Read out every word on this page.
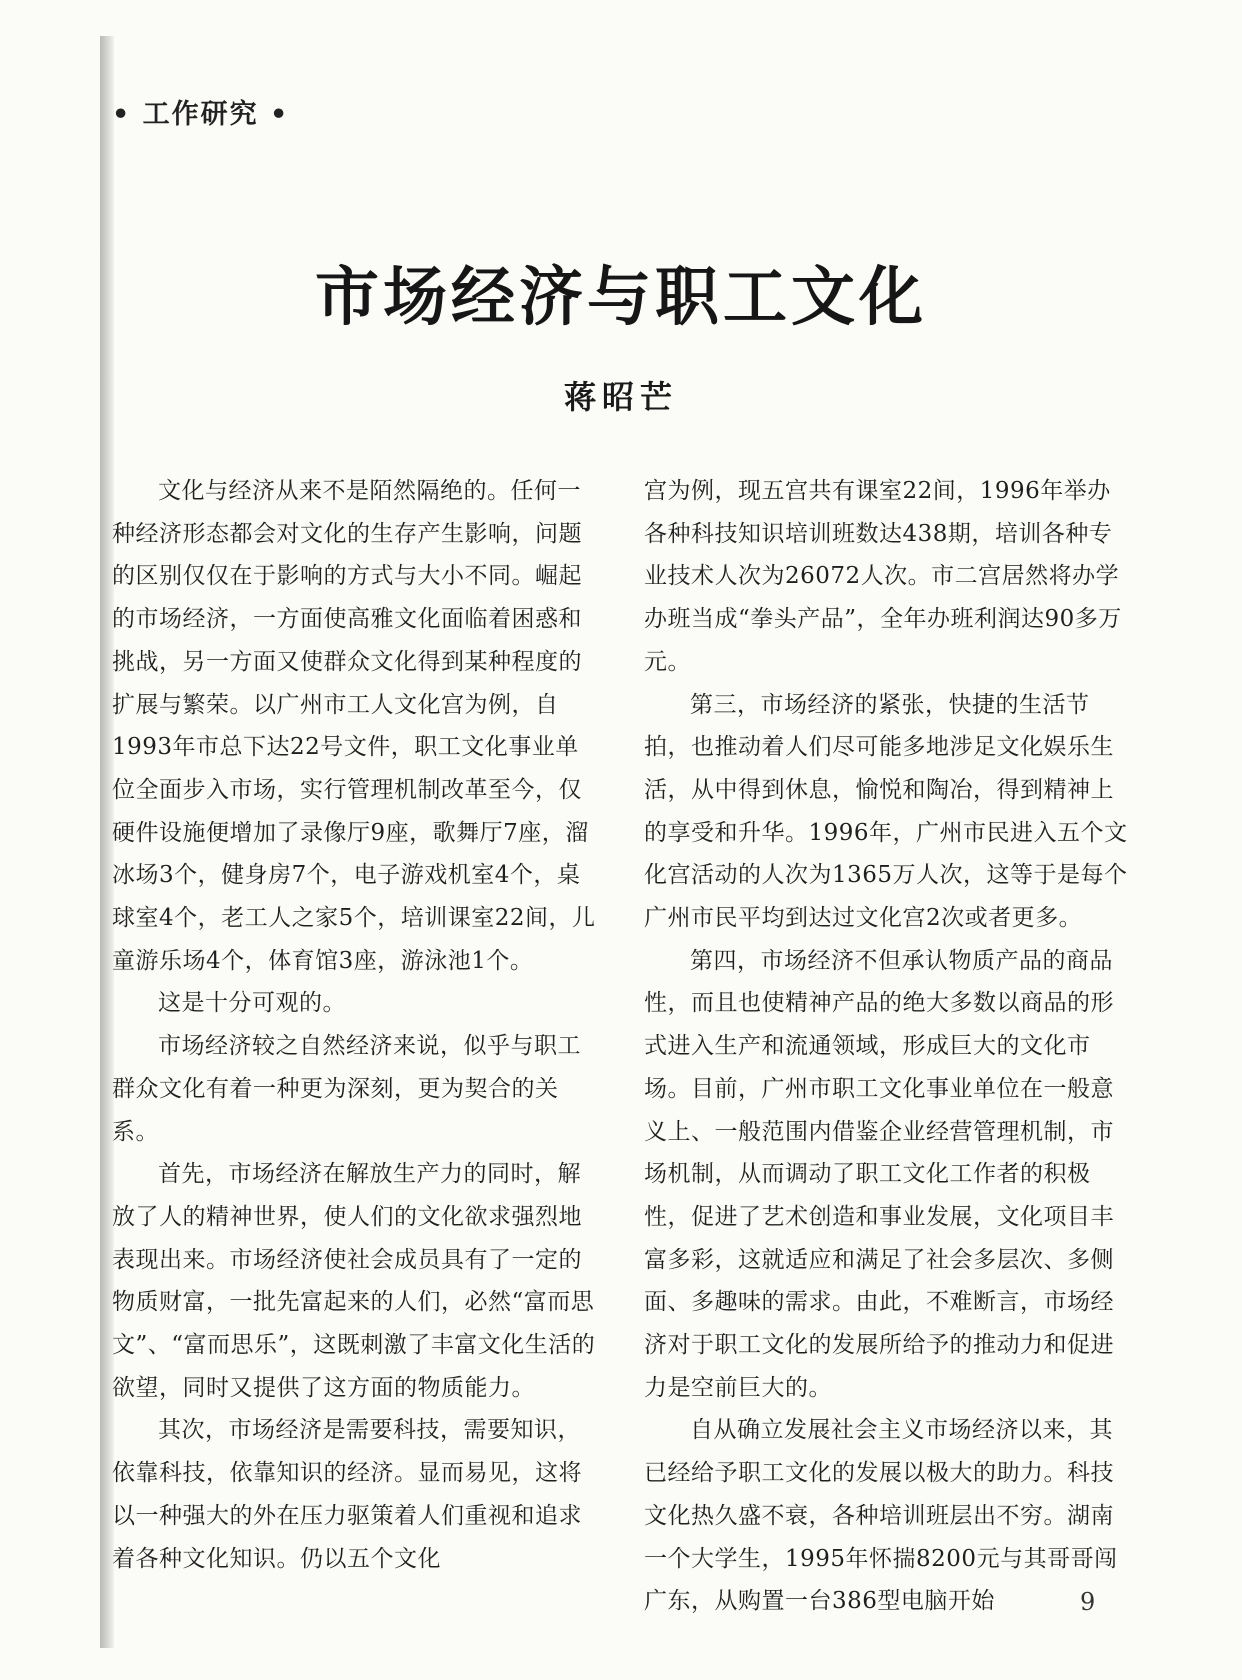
• 工作研究 •
市场经济与职工文化
蒋昭芒

文化与经济从来不是陌然隔绝的。任何一种经济形态都会对文化的生存产生影响，问题的区别仅仅在于影响的方式与大小不同。崛起的市场经济，一方面使高雅文化面临着困惑和挑战，另一方面又使群众文化得到某种程度的扩展与繁荣。以广州市工人文化宫为例，自1993年市总下达22号文件，职工文化事业单位全面步入市场，实行管理机制改革至今，仅硬件设施便增加了录像厅9座，歌舞厅7座，溜冰场3个，健身房7个，电子游戏机室4个，桌球室4个，老工人之家5个，培训课室22间，儿童游乐场4个，体育馆3座，游泳池1个。

这是十分可观的。

市场经济较之自然经济来说，似乎与职工群众文化有着一种更为深刻，更为契合的关系。

首先，市场经济在解放生产力的同时，解放了人的精神世界，使人们的文化欲求强烈地表现出来。市场经济使社会成员具有了一定的物质财富，一批先富起来的人们，必然“富而思文”、“富而思乐”，这既刺激了丰富文化生活的欲望，同时又提供了这方面的物质能力。

其次，市场经济是需要科技，需要知识，依靠科技，依靠知识的经济。显而易见，这将以一种强大的外在压力驱策着人们重视和追求着各种文化知识。仍以五个文化

宫为例，现五宫共有课室22间，1996年举办各种科技知识培训班数达438期，培训各种专业技术人次为26072人次。市二宫居然将办学办班当成“拳头产品”，全年办班利润达90多万元。

第三，市场经济的紧张，快捷的生活节拍，也推动着人们尽可能多地涉足文化娱乐生活，从中得到休息，愉悦和陶冶，得到精神上的享受和升华。1996年，广州市民进入五个文化宫活动的人次为1365万人次，这等于是每个广州市民平均到达过文化宫2次或者更多。

第四，市场经济不但承认物质产品的商品性，而且也使精神产品的绝大多数以商品的形式进入生产和流通领域，形成巨大的文化市场。目前，广州市职工文化事业单位在一般意义上、一般范围内借鉴企业经营管理机制，市场机制，从而调动了职工文化工作者的积极性，促进了艺术创造和事业发展，文化项目丰富多彩，这就适应和满足了社会多层次、多侧面、多趣味的需求。由此，不难断言，市场经济对于职工文化的发展所给予的推动力和促进力是空前巨大的。

自从确立发展社会主义市场经济以来，其已经给予职工文化的发展以极大的助力。科技文化热久盛不衰，各种培训班层出不穷。湖南一个大学生，1995年怀揣8200元与其哥哥闯广东，从购置一台386型电脑开始	9
